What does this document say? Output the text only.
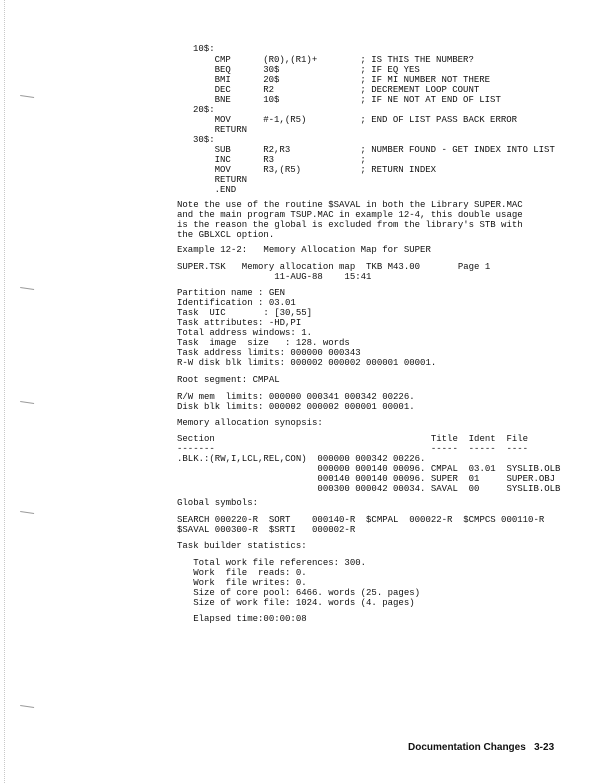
10$:
CMP      (R0),(R1)+        ; IS THIS THE NUMBER?
BEQ      30$               ; IF EQ YES
BMI      20$               ; IF MI NUMBER NOT THERE
DEC      R2                ; DECREMENT LOOP COUNT
BNE      10$               ; IF NE NOT AT END OF LIST
20$:
MOV      #-1,(R5)          ; END OF LIST PASS BACK ERROR
RETURN
30$:
SUB      R2,R3             ; NUMBER FOUND - GET INDEX INTO LIST
INC      R3                ;
MOV      R3,(R5)           ; RETURN INDEX
RETURN
.END
Note the use of the routine $SAVAL in both the Library SUPER.MAC
and the main program TSUP.MAC in example 12-4, this double usage
is the reason the global is excluded from the library's STB with
the GBLXCL option.
Example 12-2:   Memory Allocation Map for SUPER
SUPER.TSK   Memory allocation map  TKB M43.00       Page 1
11-AUG-88    15:41
Partition name : GEN
Identification : 03.01
Task  UIC       : [30,55]
Task attributes: -HD,PI
Total address windows: 1.
Task  image  size   : 128. words
Task address limits: 000000 000343
R-W disk blk limits: 000002 000002 000001 00001.
Root segment: CMPAL
R/W mem  limits: 000000 000341 000342 00226.
Disk blk limits: 000002 000002 000001 00001.
Memory allocation synopsis:
Section                                        Title  Ident  File
-------                                        -----  -----  ----
.BLK.:(RW,I,LCL,REL,CON)  000000 000342 00226.
000000 000140 00096. CMPAL  03.01  SYSLIB.OLB
000140 000140 00096. SUPER  01     SUPER.OBJ
000300 000042 00034. SAVAL  00     SYSLIB.OLB
Global symbols:
SEARCH 000220-R  SORT    000140-R  $CMPAL  000022-R  $CMPCS 000110-R
$SAVAL 000300-R  $SRTI   000002-R
Task builder statistics:
Total work file references: 300.
Work  file  reads: 0.
Work  file writes: 0.
Size of core pool: 6466. words (25. pages)
Size of work file: 1024. words (4. pages)
Elapsed time:00:00:08
Documentation Changes   3-23
